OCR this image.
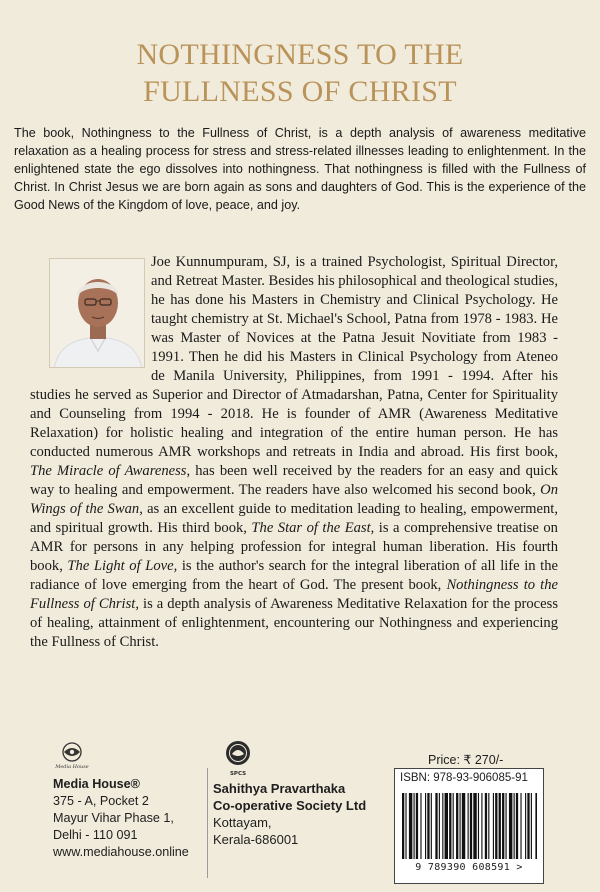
NOTHINGNESS TO THE
FULLNESS OF CHRIST
The book, Nothingness to the Fullness of Christ, is a depth analysis of awareness meditative relaxation as a healing process for stress and stress-related illnesses leading to enlightenment. In the enlightened state the ego dissolves into nothingness. That nothingness is filled with the Fullness of Christ. In Christ Jesus we are born again as sons and daughters of God. This is the experience of the Good News of the Kingdom of love, peace, and joy.
Joe Kunnumpuram, SJ, is a trained Psychologist, Spiritual Director, and Retreat Master. Besides his philosophical and theological studies, he has done his Masters in Chemistry and Clinical Psychology. He taught chemistry at St. Michael's School, Patna from 1978 - 1983. He was Master of Novices at the Patna Jesuit Novitiate from 1983 - 1991. Then he did his Masters in Clinical Psychology from Ateneo de Manila University, Philippines, from 1991 - 1994. After his studies he served as Superior and Director of Atmadarshan, Patna, Center for Spirituality and Counseling from 1994 - 2018. He is founder of AMR (Awareness Meditative Relaxation) for holistic healing and integration of the entire human person. He has conducted numerous AMR workshops and retreats in India and abroad. His first book, The Miracle of Awareness, has been well received by the readers for an easy and quick way to healing and empowerment. The readers have also welcomed his second book, On Wings of the Swan, as an excellent guide to meditation leading to healing, empowerment, and spiritual growth. His third book, The Star of the East, is a comprehensive treatise on AMR for persons in any helping profession for integral human liberation. His fourth book, The Light of Love, is the author's search for the integral liberation of all life in the radiance of love emerging from the heart of God. The present book, Nothingness to the Fullness of Christ, is a depth analysis of Awareness Meditative Relaxation for the process of healing, attainment of enlightenment, encountering our Nothingness and experiencing the Fullness of Christ.
Media House
Media House®
375 - A, Pocket 2
Mayur Vihar Phase 1,
Delhi - 110 091
www.mediahouse.online
SPCS
Sahithya Pravarthaka
Co-operative Society Ltd
Kottayam,
Kerala-686001
Price: ₹ 270/-
ISBN: 978-93-906085-91
9 789390 608591 >
